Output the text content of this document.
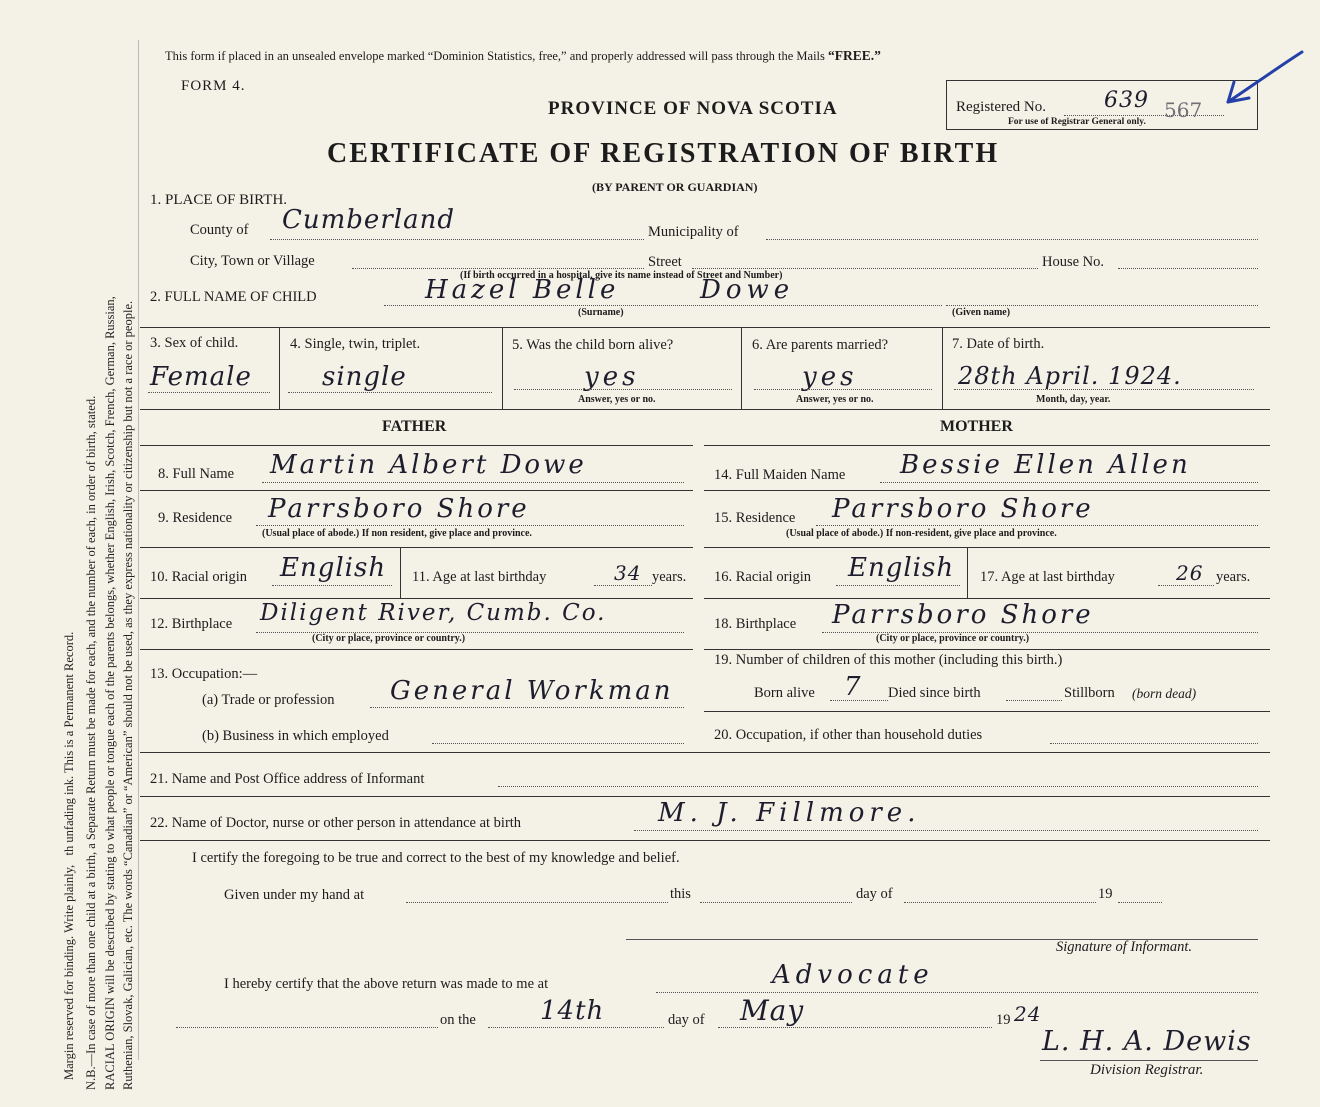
Margin reserved for binding. Write plainly,   th unfading ink. This is a Permanent Record. N.B.—In case of more than one child at a birth, a Separate Return must be made for each, and the number of each, in order of birth, stated. RACIAL ORIGIN will be described by stating to what people or tongue each of the parents belongs, whether English, Irish, Scotch, French, German, Russian, Ruthenian, Slovak, Galician, etc. The words “Canadian” or “American” should not be used, as they express nationality or citizenship but not a race or people.
This form if placed in an unsealed envelope marked “Dominion Statistics, free,” and properly addressed will pass through the Mails “FREE.”
FORM 4.
PROVINCE OF NOVA SCOTIA
CERTIFICATE OF REGISTRATION OF BIRTH
(BY PARENT OR GUARDIAN)
Registered No.	639 567
For use of Registrar General only.
1. PLACE OF BIRTH.
County of Cumberland	Municipality of
City, Town or Village	Street	House No.
(If birth occurred in a hospital, give its name instead of Street and Number)
2. FULL NAME OF CHILD	Hazel Belle	Dowe
(Surname)	(Given name)
3. Sex of child.
Female
4. Single, twin, triplet.
single
5. Was the child born alive?
yes
Answer, yes or no.
6. Are parents married?
yes
Answer, yes or no.
7. Date of birth.
28th April. 1924.
Month, day, year.
FATHER	MOTHER
8. Full Name Martin Albert Dowe
9. Residence Parrsboro Shore
(Usual place of abode.) If non resident, give place and province.
10. Racial origin English 11. Age at last birthday	34 years.
12. Birthplace Diligent River, Cumb. Co.
(City or place, province or country.)
13. Occupation:—
(a) Trade or profession General Workman
(b) Business in which employed
14. Full Maiden Name Bessie Ellen Allen
15. Residence Parrsboro Shore
(Usual place of abode.) If non-resident, give place and province.
16. Racial origin English 17. Age at last birthday	26 years.
18. Birthplace Parrsboro Shore
(City or place, province or country.)
19. Number of children of this mother (including this birth.)
Born alive 7 Died since birth	Stillborn (born dead)
20. Occupation, if other than household duties
21. Name and Post Office address of Informant
22. Name of Doctor, nurse or other person in attendance at birth	M. J. Fillmore.
I certify the foregoing to be true and correct to the best of my knowledge and belief.
Given under my hand at	this	day of	19
Signature of Informant.
I hereby certify that the above return was made to me at	Advocate
on the 14th	day of May	19 24
L. H. A. Dewis
Division Registrar.
